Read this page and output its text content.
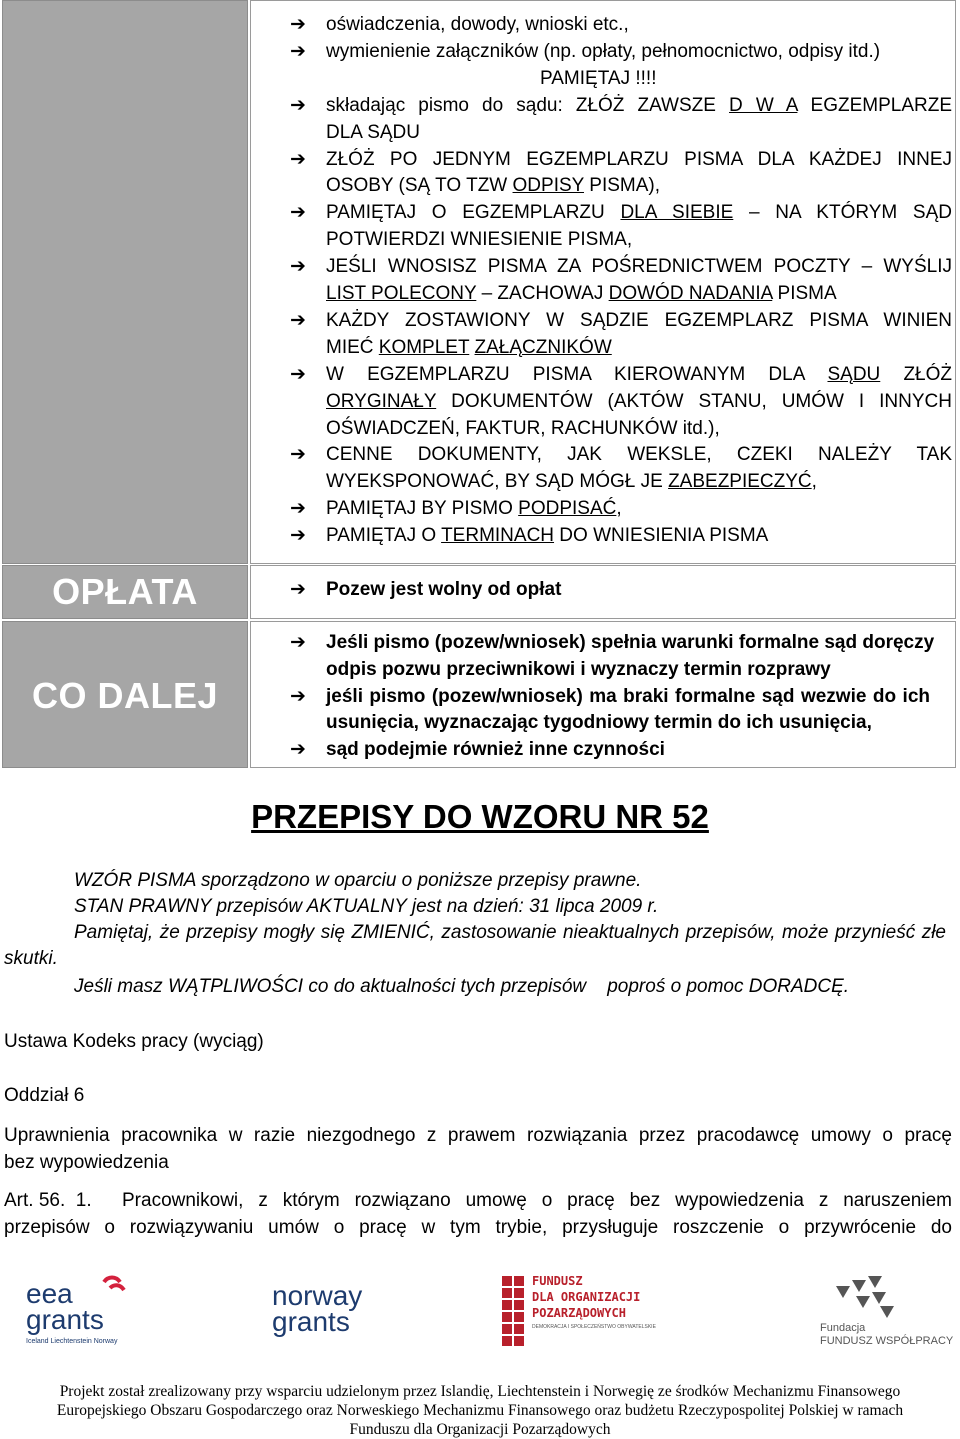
OPŁATA
CO DALEJ
➔ oświadczenia, dowody, wnioski etc.,
➔ wymienienie załączników (np. opłaty, pełnomocnictwo, odpisy itd.)
PAMIĘTAJ !!!!
➔ składając pismo do sądu: ZŁÓŻ ZAWSZE D W A EGZEMPLARZE
DLA SĄDU
➔ ZŁÓŻ PO JEDNYM EGZEMPLARZU PISMA DLA KAŻDEJ INNEJ
OSOBY (SĄ TO TZW ODPISY PISMA),
➔ PAMIĘTAJ O EGZEMPLARZU DLA SIEBIE – NA KTÓRYM SĄD
POTWIERDZI WNIESIENIE PISMA,
➔ JEŚLI WNOSISZ PISMA ZA POŚREDNICTWEM POCZTY – WYŚLIJ
LIST POLECONY – ZACHOWAJ DOWÓD NADANIA PISMA
➔ KAŻDY ZOSTAWIONY W SĄDZIE EGZEMPLARZ PISMA WINIEN
MIEĆ KOMPLET ZAŁĄCZNIKÓW
➔ W EGZEMPLARZU PISMA KIEROWANYM DLA SĄDU ZŁÓŻ
ORYGINAŁY DOKUMENTÓW (AKTÓW STANU, UMÓW I INNYCH
OŚWIADCZEŃ, FAKTUR, RACHUNKÓW itd.),
➔ CENNE DOKUMENTY, JAK WEKSLE, CZEKI NALEŻY TAK
WYEKSPONOWAĆ, BY SĄD MÓGŁ JE ZABEZPIECZYĆ,
➔ PAMIĘTAJ BY PISMO PODPISAĆ,
➔ PAMIĘTAJ O TERMINACH DO WNIESIENIA PISMA
➔ Pozew jest wolny od opłat
➔ Jeśli pismo (pozew/wniosek) spełnia warunki formalne sąd doręczy
odpis pozwu przeciwnikowi i wyznaczy termin rozprawy
➔ jeśli pismo (pozew/wniosek) ma braki formalne sąd wezwie do ich
usunięcia, wyznaczając tygodniowy termin do ich usunięcia,
➔ sąd podejmie również inne czynności
PRZEPISY DO WZORU NR 52
WZÓR PISMA sporządzono w oparciu o poniższe przepisy prawne.
STAN PRAWNY przepisów AKTUALNY jest na dzień: 31 lipca 2009 r.
Pamiętaj, że przepisy mogły się ZMIENIĆ, zastosowanie nieaktualnych przepisów, może przynieść złe
skutki.
Jeśli masz WĄTPLIWOŚCI co do aktualności tych przepisów    poproś o pomoc DORADCĘ.
Ustawa Kodeks pracy (wyciąg)
Oddział 6
Uprawnienia pracownika w razie niezgodnego z prawem rozwiązania przez pracodawcę umowy o pracę
bez wypowiedzenia
Art. 56.  1. Pracownikowi, z którym rozwiązano umowę o pracę bez wypowiedzenia z naruszeniem
przepisów o rozwiązywaniu umów o pracę w tym trybie, przysługuje roszczenie o przywrócenie do
eea
grants
Iceland Liechtenstein Norway
norway
grants
FUNDUSZ
DLA ORGANIZACJI
POZARZĄDOWYCH
DEMOKRACJA I SPOŁECZEŃSTWO OBYWATELSKIE	Fundacja
FUNDUSZ WSPÓŁPRACY
Projekt został zrealizowany przy wsparciu udzielonym przez Islandię, Liechtenstein i Norwegię ze środków Mechanizmu Finansowego
Europejskiego Obszaru Gospodarczego oraz Norweskiego Mechanizmu Finansowego oraz budżetu Rzeczypospolitej Polskiej w ramach
Funduszu dla Organizacji Pozarządowych
